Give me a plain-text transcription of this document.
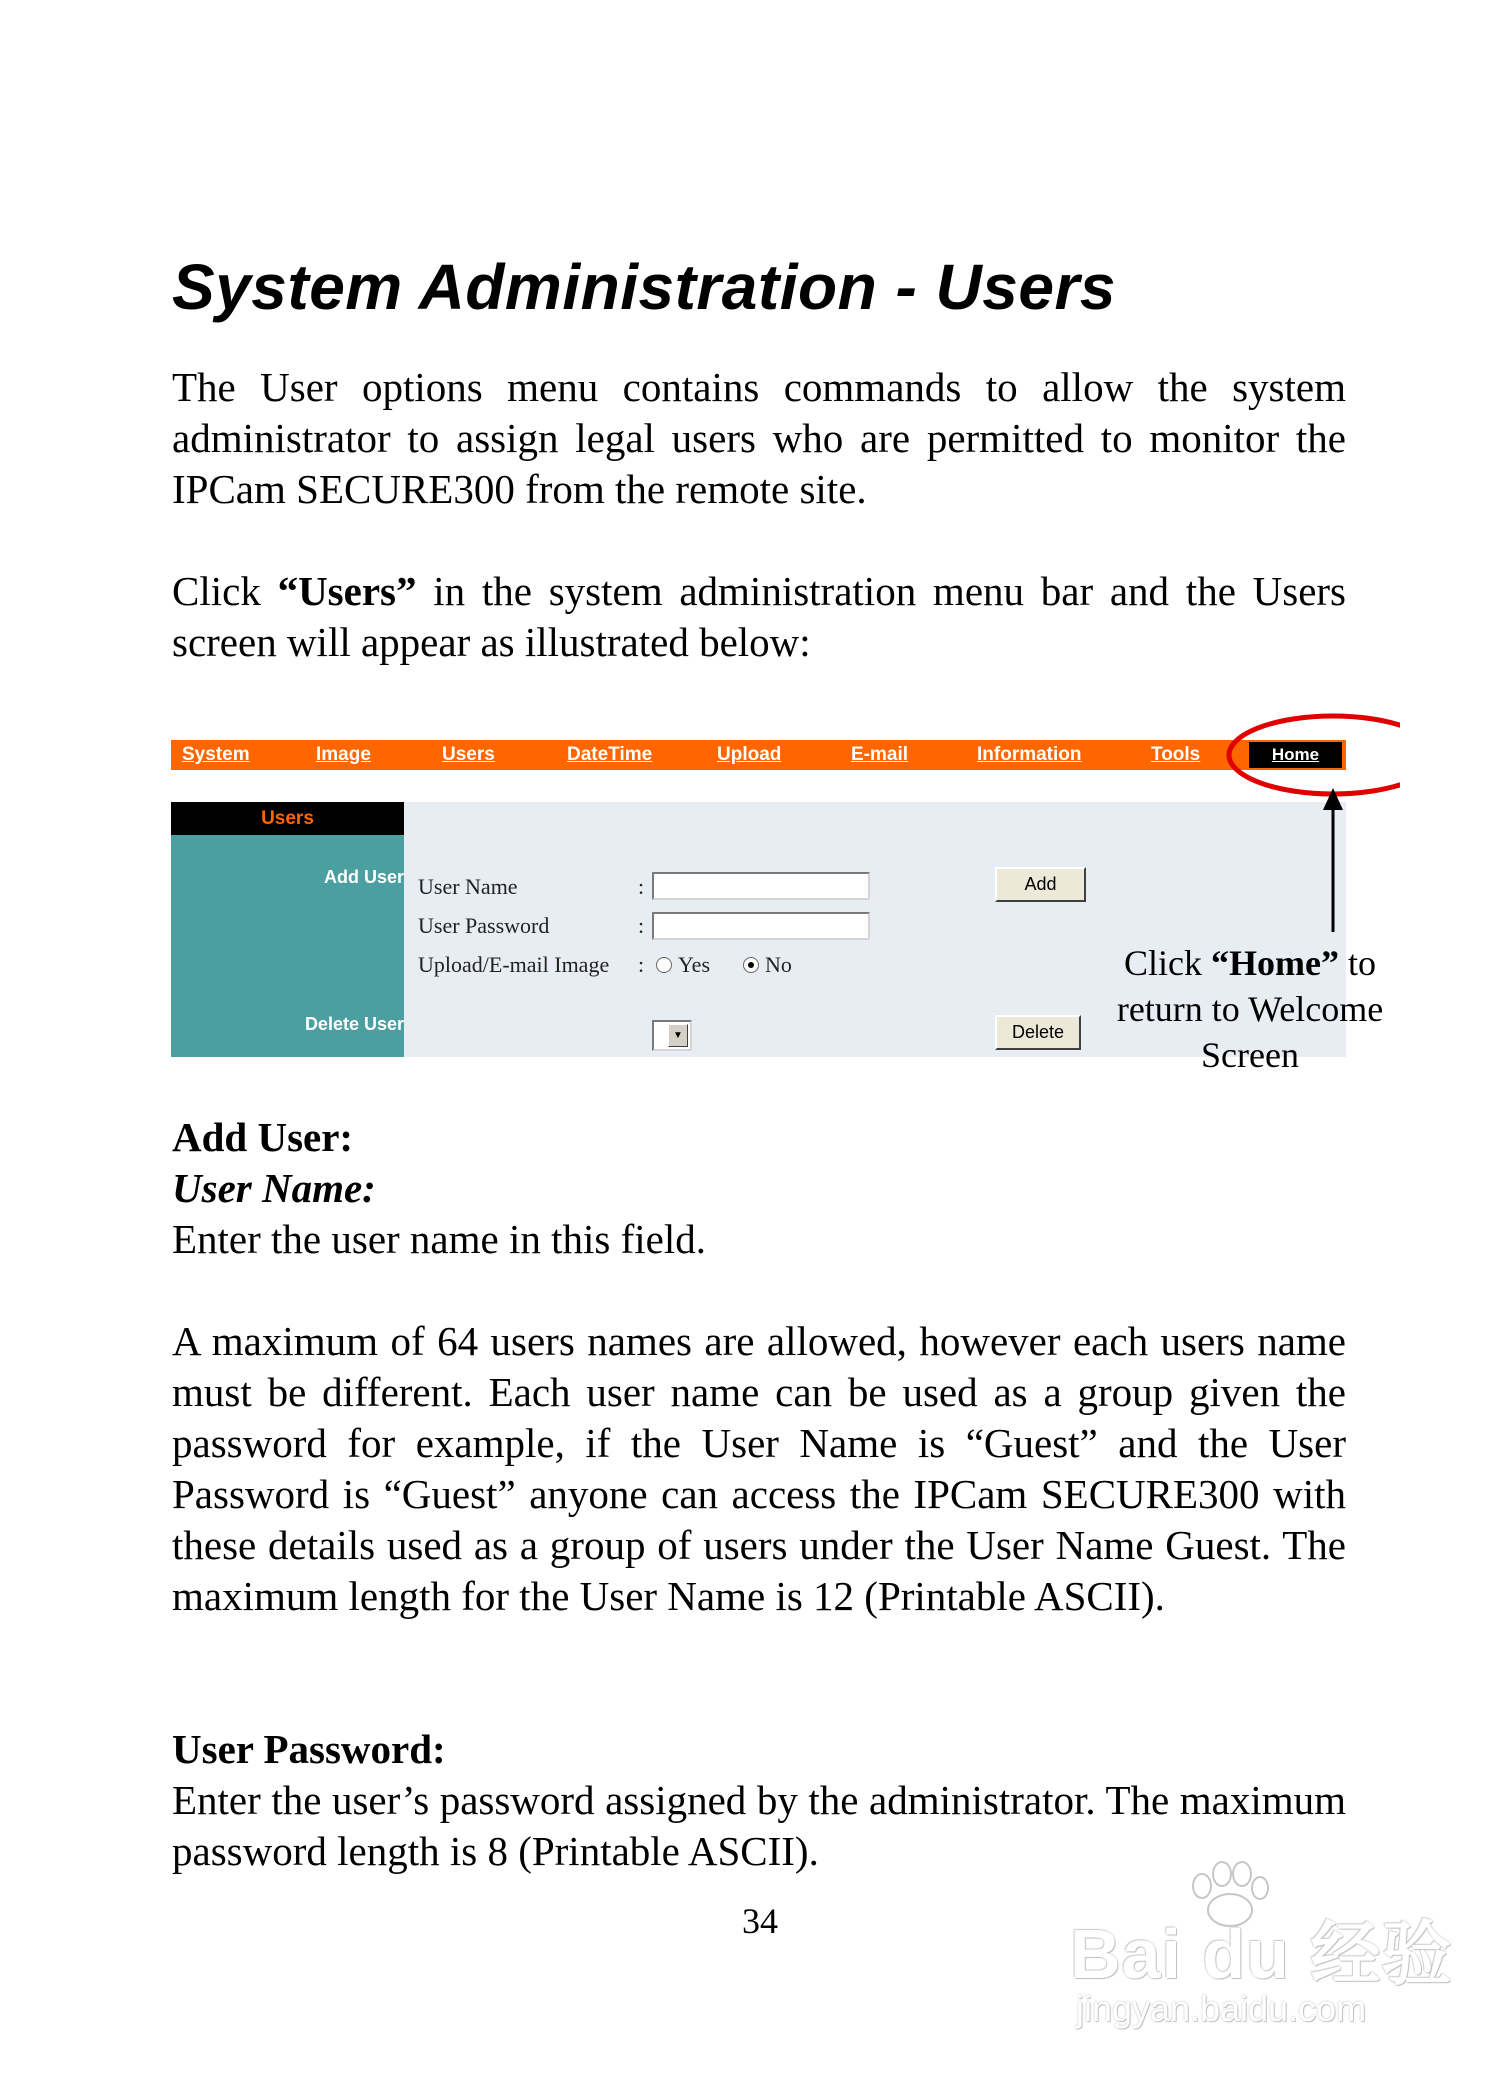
System Administration - Users

The User options menu contains commands to allow the system administrator to assign legal users who are permitted to monitor the IPCam SECURE300 from the remote site.

Click “Users” in the system administration menu bar and the Users screen will appear as illustrated below:

System	Image	Users	DateTime	Upload	E-mail	Information	Tools	Home
Users
Add User
Delete User
User Name	:
User Password	:
Upload/E-mail Image :	Yes	No
▼
Add
Delete
Click “Home” to
return to Welcome
Screen
Add User:
User Name:

Enter the user name in this field.

A maximum of 64 users names are allowed, however each users name must be different. Each user name can be used as a group given the password for example, if the User Name is “Guest” and the User Password is “Guest” anyone can access the IPCam SECURE300 with these details used as a group of users under the User Name Guest. The maximum length for the User Name is 12 (Printable ASCII).

User Password:

Enter the user’s password assigned by the administrator. The maximum password length is 8 (Printable ASCII).

34	Bai du 经验
jingyan.baidu.com
